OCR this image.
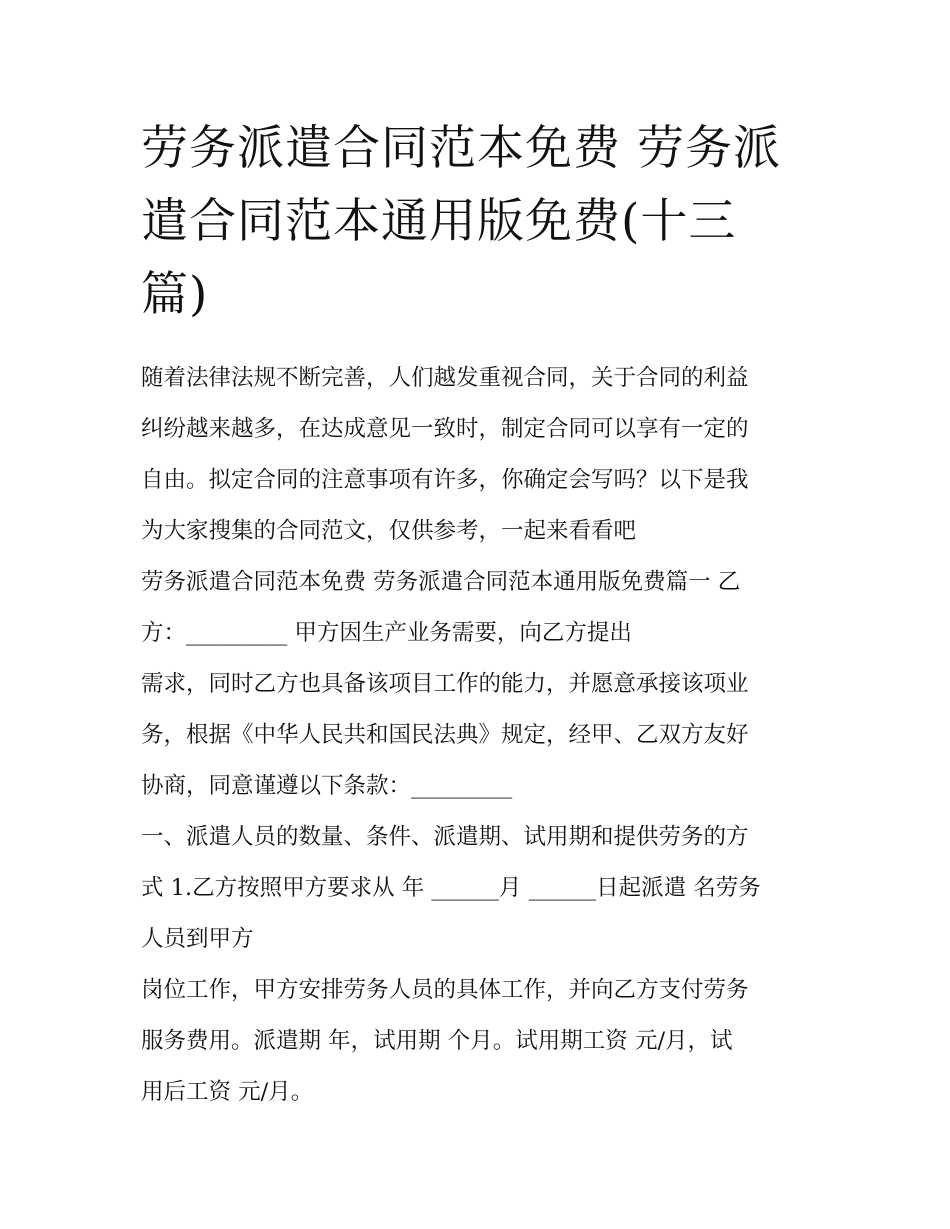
劳务派遣合同范本免费 劳务派
遣合同范本通用版免费(十三
篇)

随着法律法规不断完善，人们越发重视合同，关于合同的利益
纠纷越来越多，在达成意见一致时，制定合同可以享有一定的
自由。拟定合同的注意事项有许多，你确定会写吗？以下是我
为大家搜集的合同范文，仅供参考，一起来看看吧

劳务派遣合同范本免费 劳务派遣合同范本通用版免费篇一 乙
方：_________ 甲方因生产业务需要，向乙方提出

需求，同时乙方也具备该项目工作的能力，并愿意承接该项业
务，根据《中华人民共和国民法典》规定，经甲、乙双方友好
协商，同意谨遵以下条款：_________

一、派遣人员的数量、条件、派遣期、试用期和提供劳务的方
式 1.乙方按照甲方要求从 年 ______月 ______日起派遣 名劳务
人员到甲方

岗位工作，甲方安排劳务人员的具体工作，并向乙方支付劳务
服务费用。派遣期 年，试用期 个月。试用期工资 元/月，试
用后工资 元/月。
